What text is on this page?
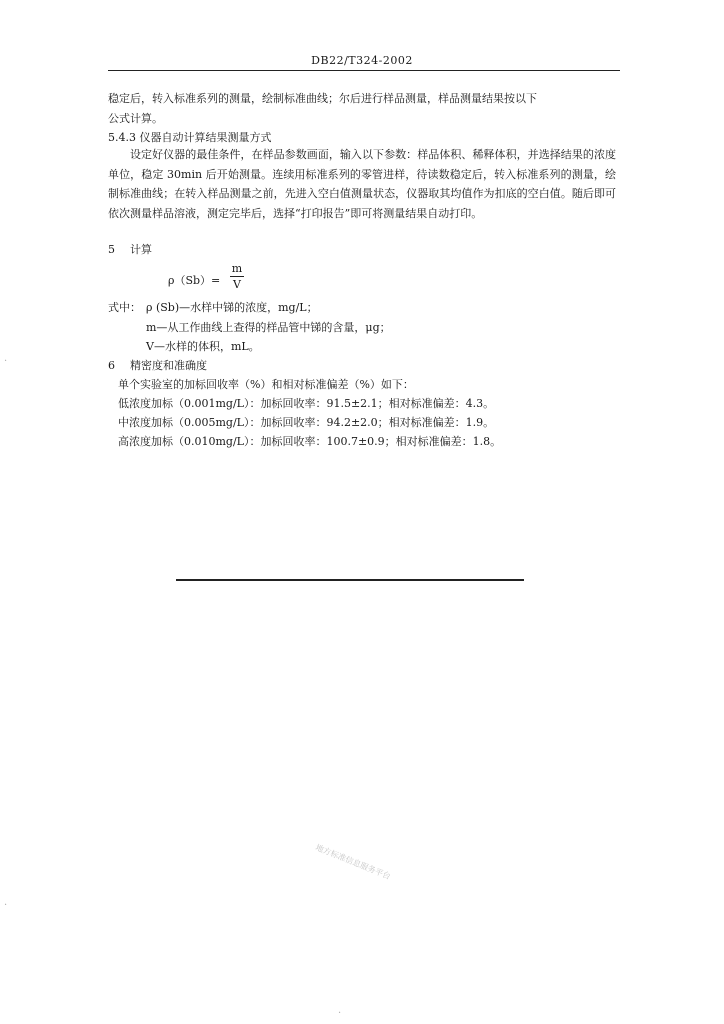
DB22/T324-2002
稳定后，转入标准系列的测量，绘制标准曲线；尔后进行样品测量，样品测量结果按以下
公式计算。
5.4.3 仪器自动计算结果测量方式

设定好仪器的最佳条件，在样品参数画面，输入以下参数：样品体积、稀释体积，并选择结果的浓度单位，稳定 30min 后开始测量。连续用标准系列的零管进样，待读数稳定后，转入标准系列的测量，绘制标准曲线；在转入样品测量之前，先进入空白值测量状态，仪器取其均值作为扣底的空白值。随后即可依次测量样品溶液，测定完毕后，选择“打印报告”即可将测量结果自动打印。

5 计算
ρ（Sb）=
m
V
式中： ρ (Sb)—水样中锑的浓度，mg/L；
m—从工作曲线上查得的样品管中锑的含量，μg；
V—水样的体积，mL。
6 精密度和准确度
单个实验室的加标回收率（%）和相对标准偏差（%）如下：
低浓度加标（0.001mg/L）：加标回收率：91.5±2.1；相对标准偏差：4.3。
中浓度加标（0.005mg/L）：加标回收率：94.2±2.0；相对标准偏差：1.9。
高浓度加标（0.010mg/L）：加标回收率：100.7±0.9；相对标准偏差：1.8。
地方标准信息服务平台
·
·
·
